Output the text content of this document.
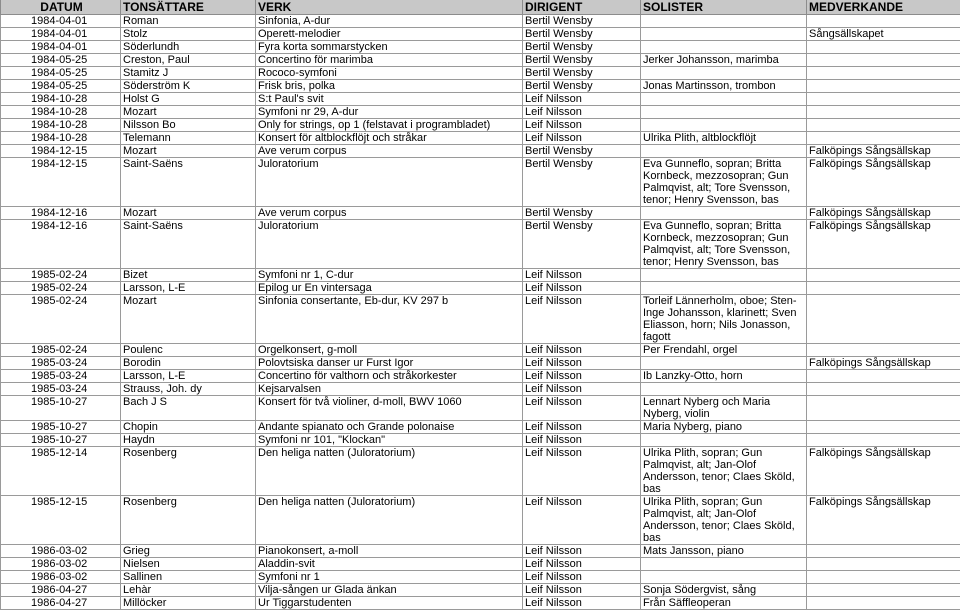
DATUM	TONSÄTTARE	VERK	DIRIGENT	SOLISTER	MEDVERKANDE
1984-04-01	Roman	Sinfonia, A-dur	Bertil Wensby		
1984-04-01	Stolz	Operett-melodier	Bertil Wensby		Sångsällskapet
1984-04-01	Söderlundh	Fyra korta sommarstycken	Bertil Wensby		
1984-05-25	Creston, Paul	Concertino för marimba	Bertil Wensby	Jerker Johansson, marimba	
1984-05-25	Stamitz J	Rococo-symfoni	Bertil Wensby		
1984-05-25	Söderström K	Frisk bris, polka	Bertil Wensby	Jonas Martinsson, trombon	
1984-10-28	Holst G	S:t Paul's svit	Leif Nilsson		
1984-10-28	Mozart	Symfoni nr 29, A-dur	Leif Nilsson		
1984-10-28	Nilsson Bo	Only for strings, op 1 (felstavat i programbladet)	Leif Nilsson		
1984-10-28	Telemann	Konsert för altblockflöjt och stråkar	Leif Nilsson	Ulrika Plith, altblockflöjt	
1984-12-15	Mozart	Ave verum corpus	Bertil Wensby		Falköpings Sångsällskap
1984-12-15	Saint-Saëns	Juloratorium	Bertil Wensby	Eva Gunneflo, sopran; Britta Kornbeck, mezzosopran; Gun Palmqvist, alt; Tore Svensson, tenor; Henry Svensson, bas	Falköpings Sångsällskap
1984-12-16	Mozart	Ave verum corpus	Bertil Wensby		Falköpings Sångsällskap
1984-12-16	Saint-Saëns	Juloratorium	Bertil Wensby	Eva Gunneflo, sopran; Britta Kornbeck, mezzosopran; Gun Palmqvist, alt; Tore Svensson, tenor; Henry Svensson, bas	Falköpings Sångsällskap
1985-02-24	Bizet	Symfoni nr 1, C-dur	Leif Nilsson		
1985-02-24	Larsson, L-E	Epilog ur En vintersaga	Leif Nilsson		
1985-02-24	Mozart	Sinfonia consertante, Eb-dur, KV 297 b	Leif Nilsson	Torleif Lännerholm, oboe; Sten-Inge Johansson, klarinett; Sven Eliasson, horn; Nils Jonasson, fagott	
1985-02-24	Poulenc	Orgelkonsert, g-moll	Leif Nilsson	Per Frendahl, orgel	
1985-03-24	Borodin	Polovtsiska danser ur Furst Igor	Leif Nilsson		Falköpings Sångsällskap
1985-03-24	Larsson, L-E	Concertino för valthorn och stråkorkester	Leif Nilsson	Ib Lanzky-Otto, horn	
1985-03-24	Strauss, Joh. dy	Kejsarvalsen	Leif Nilsson		
1985-10-27	Bach J S	Konsert för två violiner, d-moll, BWV 1060	Leif Nilsson	Lennart Nyberg och Maria Nyberg, violin	
1985-10-27	Chopin	Andante spianato och Grande polonaise	Leif Nilsson	Maria Nyberg, piano	
1985-10-27	Haydn	Symfoni nr 101, "Klockan"	Leif Nilsson		
1985-12-14	Rosenberg	Den heliga natten (Juloratorium)	Leif Nilsson	Ulrika Plith, sopran; Gun Palmqvist, alt; Jan-Olof Andersson, tenor; Claes Sköld, bas	Falköpings Sångsällskap
1985-12-15	Rosenberg	Den heliga natten (Juloratorium)	Leif Nilsson	Ulrika Plith, sopran; Gun Palmqvist, alt; Jan-Olof Andersson, tenor; Claes Sköld, bas	Falköpings Sångsällskap
1986-03-02	Grieg	Pianokonsert, a-moll	Leif Nilsson	Mats Jansson, piano	
1986-03-02	Nielsen	Aladdin-svit	Leif Nilsson		
1986-03-02	Sallinen	Symfoni nr 1	Leif Nilsson		
1986-04-27	Lehàr	Vilja-sången ur Glada änkan	Leif Nilsson	Sonja Södergvist, sång	
1986-04-27	Millöcker	Ur Tiggarstudenten	Leif Nilsson	Från Säffleoperan	
